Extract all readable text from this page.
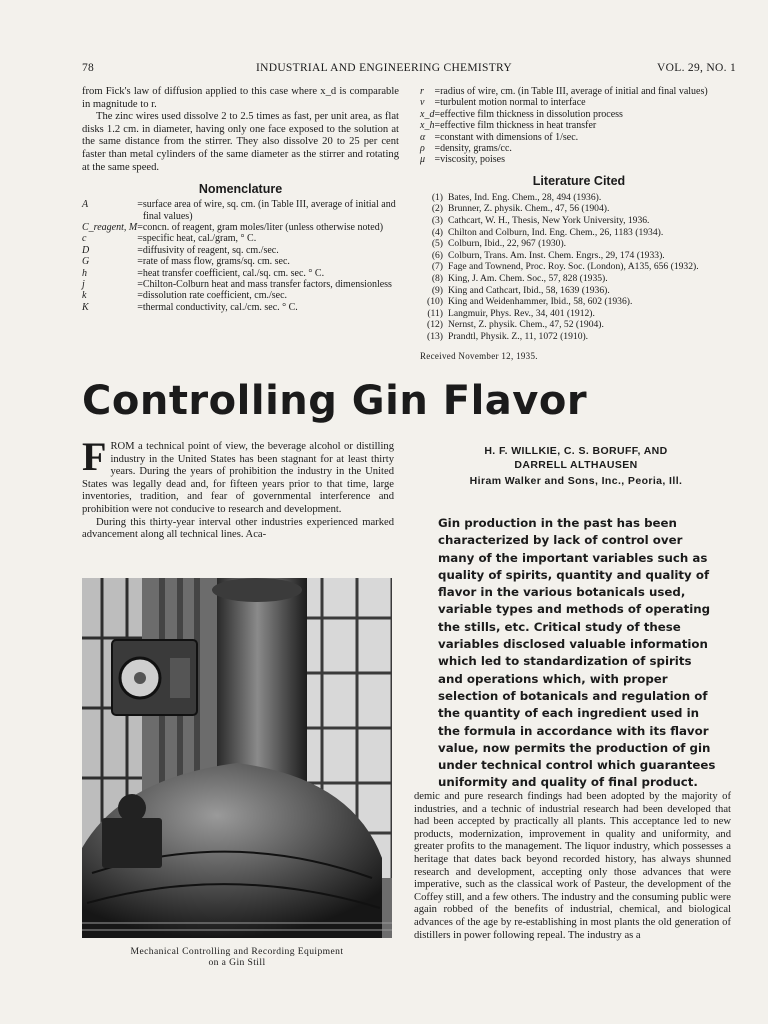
78	INDUSTRIAL AND ENGINEERING CHEMISTRY	VOL. 29, NO. 1

from Fick's law of diffusion applied to this case where x_d is comparable in magnitude to r.

The zinc wires used dissolve 2 to 2.5 times as fast, per unit area, as flat disks 1.2 cm. in diameter, having only one face exposed to the solution at the same distance from the stirrer. They also dissolve 20 to 25 per cent faster than metal cylinders of the same diameter as the stirrer and rotating at the same speed.

Nomenclature
A	=	surface area of wire, sq. cm. (in Table III, average of initial and final values)
C_reagent, M	=	concn. of reagent, gram moles/liter (unless otherwise noted)
c	=	specific heat, cal./gram, ° C.
D	=	diffusivity of reagent, sq. cm./sec.
G	=	rate of mass flow, grams/sq. cm. sec.
h	=	heat transfer coefficient, cal./sq. cm. sec. ° C.
j	=	Chilton-Colburn heat and mass transfer factors, dimensionless
k	=	dissolution rate coefficient, cm./sec.
K	=	thermal conductivity, cal./cm. sec. ° C.
r	=	radius of wire, cm. (in Table III, average of initial and final values)
v	=	turbulent motion normal to interface
x_d	=	effective film thickness in dissolution process
x_h	=	effective film thickness in heat transfer
α	=	constant with dimensions of 1/sec.
ρ	=	density, grams/cc.
μ	=	viscosity, poises
Literature Cited
(1) Bates, Ind. Eng. Chem., 28, 494 (1936).
(2) Brunner, Z. physik. Chem., 47, 56 (1904).
(3) Cathcart, W. H., Thesis, New York University, 1936.
(4) Chilton and Colburn, Ind. Eng. Chem., 26, 1183 (1934).
(5) Colburn, Ibid., 22, 967 (1930).
(6) Colburn, Trans. Am. Inst. Chem. Engrs., 29, 174 (1933).
(7) Fage and Townend, Proc. Roy. Soc. (London), A135, 656 (1932).
(8) King, J. Am. Chem. Soc., 57, 828 (1935).
(9) King and Cathcart, Ibid., 58, 1639 (1936).
(10) King and Weidenhammer, Ibid., 58, 602 (1936).
(11) Langmuir, Phys. Rev., 34, 401 (1912).
(12) Nernst, Z. physik. Chem., 47, 52 (1904).
(13) Prandtl, Physik. Z., 11, 1072 (1910).
Received November 12, 1935.
Controlling Gin Flavor

FROM a technical point of view, the beverage alcohol or distilling industry in the United States has been stagnant for at least thirty years. During the years of prohibition the industry in the United States was legally dead and, for fifteen years prior to that time, large inventories, tradition, and fear of governmental interference and prohibition were not conducive to research and development.

During this thirty-year interval other industries experienced marked advancement along all technical lines. Aca-

Mechanical Controlling and Recording Equipment
on a Gin Still
H. F. WILLKIE, C. S. BORUFF, AND
DARRELL ALTHAUSEN
Hiram Walker and Sons, Inc., Peoria, Ill.
Gin production in the past has been characterized by lack of control over many of the important variables such as quality of spirits, quantity and quality of flavor in the various botanicals used, variable types and methods of operating the stills, etc. Critical study of these variables disclosed valuable information which led to standardization of spirits and operations which, with proper selection of botanicals and regulation of the quantity of each ingredient used in the formula in accordance with its flavor value, now permits the production of gin under technical control which guarantees uniformity and quality of final product.
demic and pure research findings had been adopted by the majority of industries, and a technic of industrial research had been developed that had been accepted by practically all plants. This acceptance led to new products, modernization, improvement in quality and uniformity, and greater profits to the management. The liquor industry, which possesses a heritage that dates back beyond recorded history, has always shunned research and development, accepting only those advances that were imperative, such as the classical work of Pasteur, the development of the Coffey still, and a few others. The industry and the consuming public were again robbed of the benefits of industrial, chemical, and biological advances of the age by re-establishing in most plants the old generation of distillers in power following repeal. The industry as a
